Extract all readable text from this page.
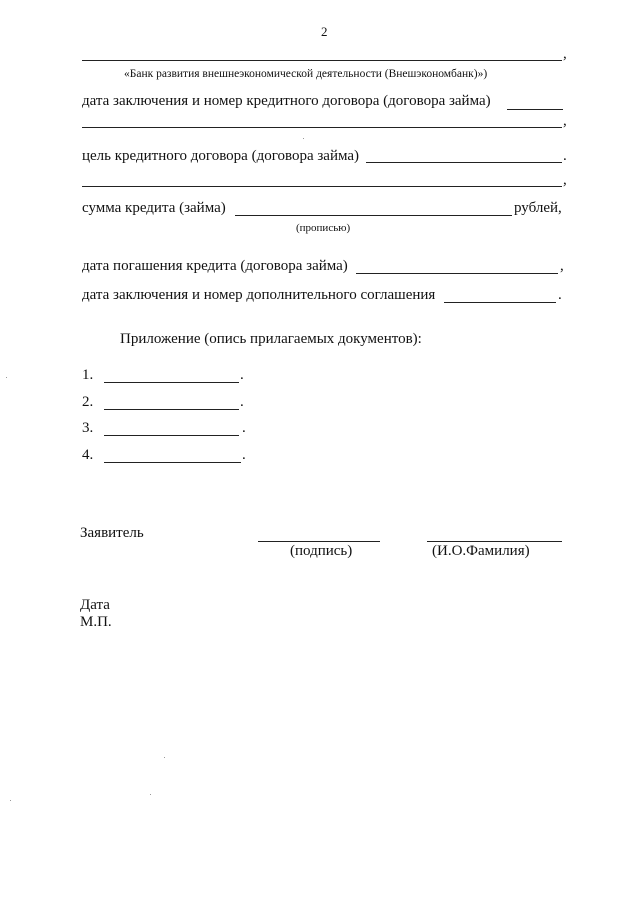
2
,
«Банк развития внешнеэкономической деятельности (Внешэкономбанк)»)
дата заключения и номер кредитного договора (договора займа)
,
цель кредитного договора (договора займа)	.
,
сумма кредита (займа)	рублей,
(прописью)
дата погашения кредита (договора займа)	,
дата заключения и номер дополнительного соглашения	.
Приложение (опись прилагаемых документов):
1.	.
2.	.
3.	.
4.	.
Заявитель
(подпись)	(И.О.Фамилия)
Дата
М.П.
